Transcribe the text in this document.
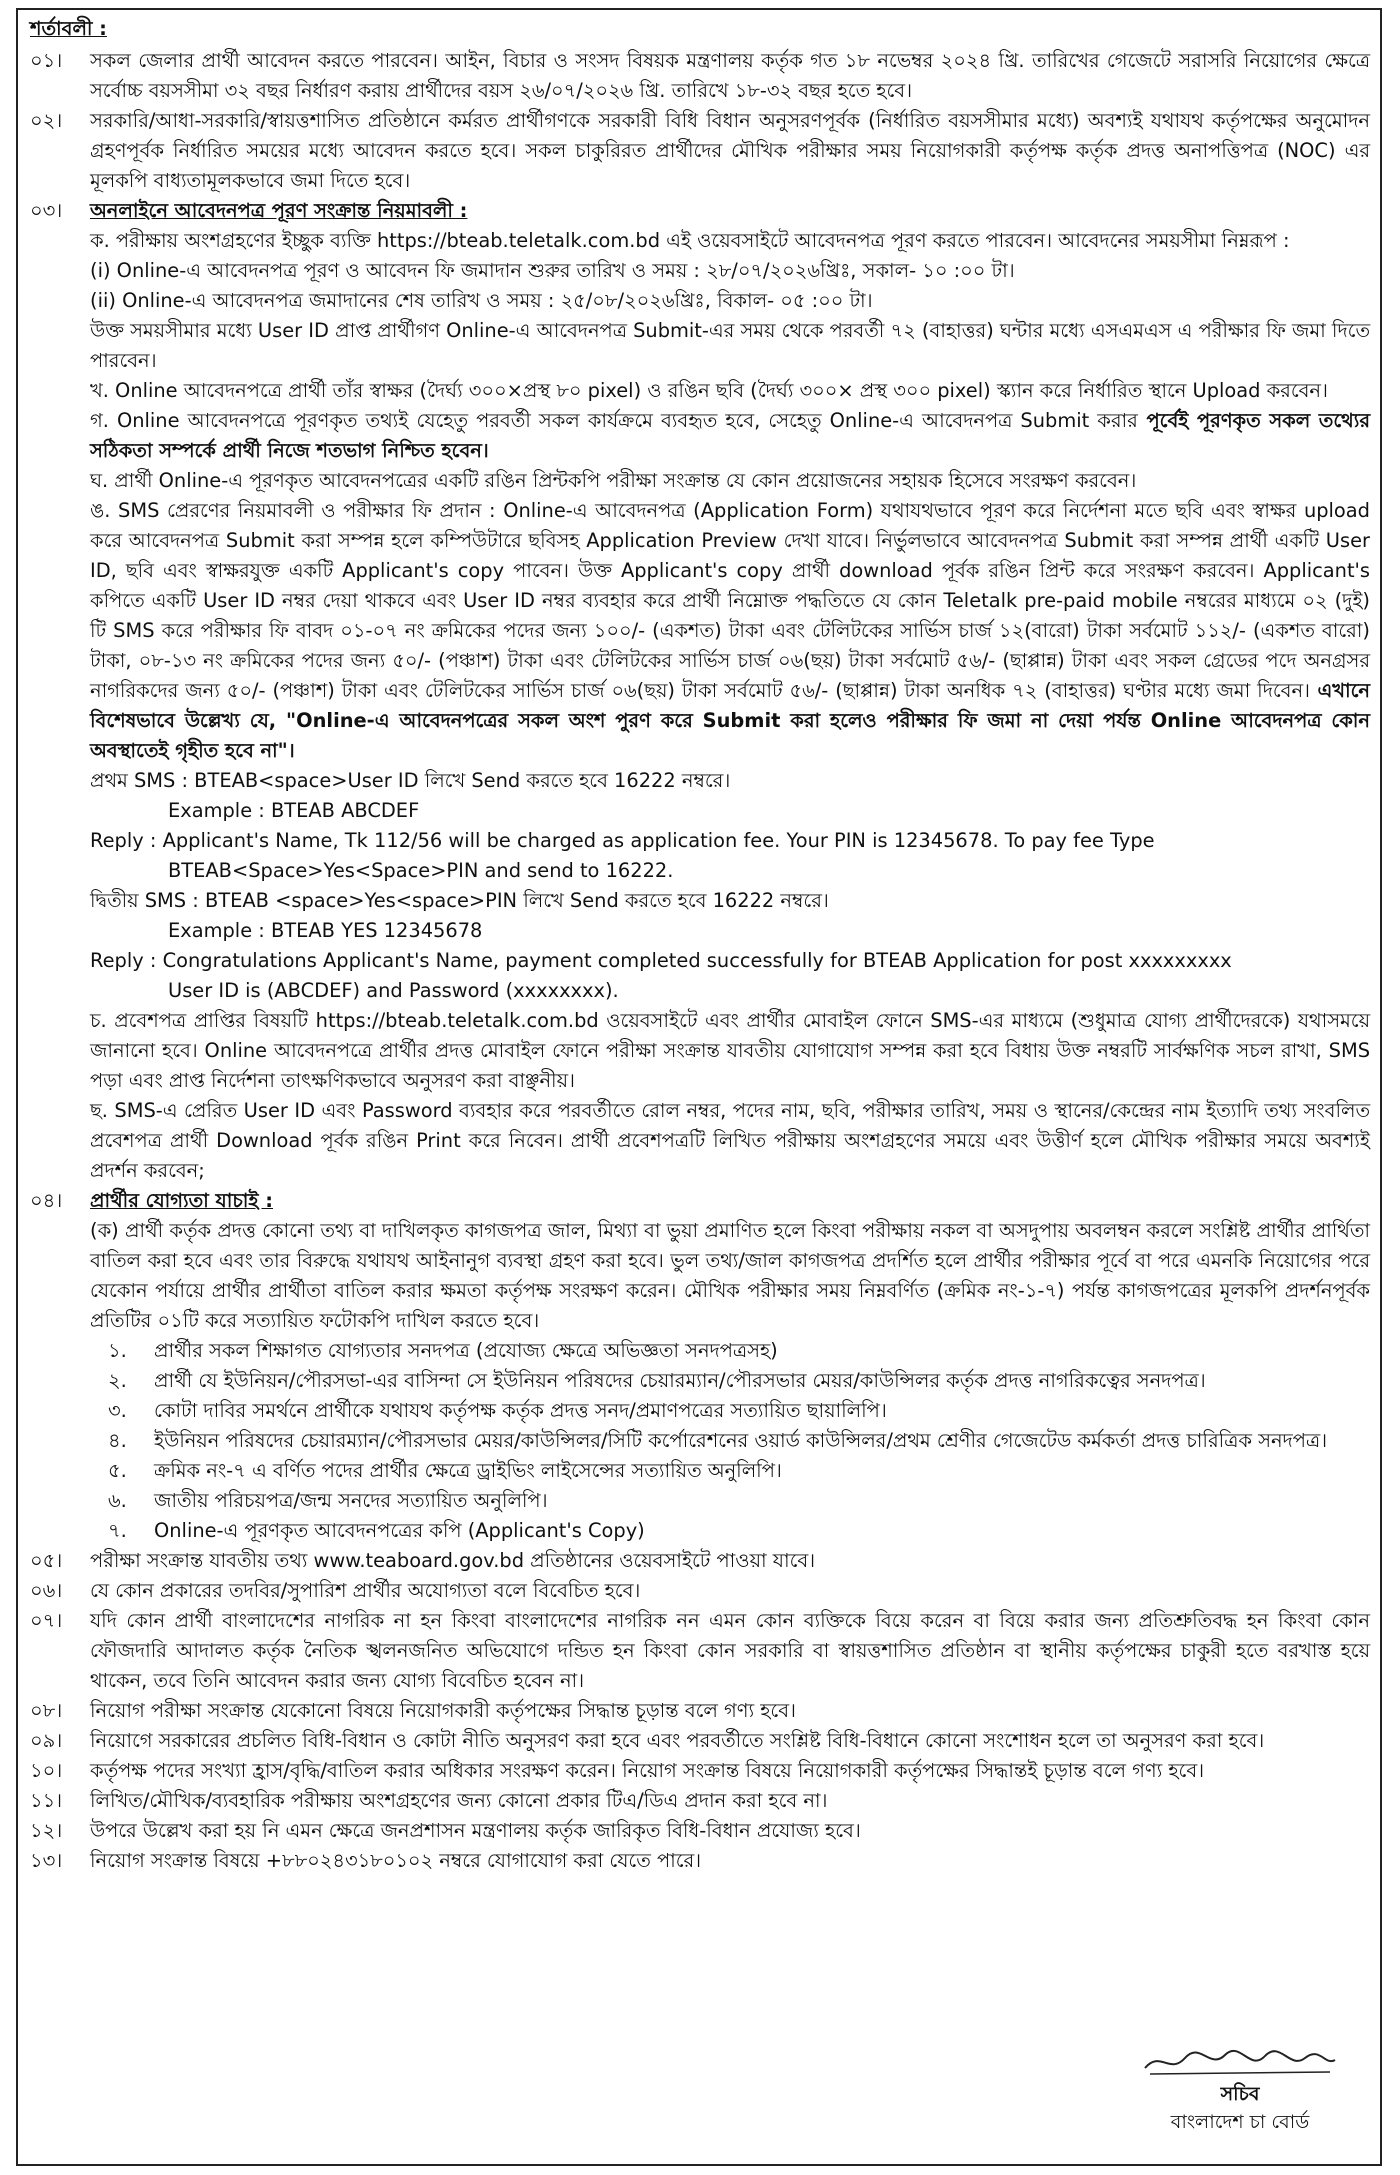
শর্তাবলী :
০১।	সকল জেলার প্রার্থী আবেদন করতে পারবেন। আইন, বিচার ও সংসদ বিষয়ক মন্ত্রণালয় কর্তৃক গত ১৮ নভেম্বর ২০২৪ খ্রি. তারিখের গেজেটে সরাসরি নিয়োগের ক্ষেত্রে সর্বোচ্চ বয়সসীমা ৩২ বছর নির্ধারণ করায় প্রার্থীদের বয়স ২৬/০৭/২০২৬ খ্রি. তারিখে ১৮-৩২ বছর হতে হবে।
০২।	সরকারি/আধা-সরকারি/স্বায়ত্তশাসিত প্রতিষ্ঠানে কর্মরত প্রার্থীগণকে সরকারী বিধি বিধান অনুসরণপূর্বক (নির্ধারিত বয়সসীমার মধ্যে) অবশ্যই যথাযথ কর্তৃপক্ষের অনুমোদন গ্রহণপূর্বক নির্ধারিত সময়ের মধ্যে আবেদন করতে হবে। সকল চাকুরিরত প্রার্থীদের মৌখিক পরীক্ষার সময় নিয়োগকারী কর্তৃপক্ষ কর্তৃক প্রদত্ত অনাপত্তিপত্র (NOC) এর মূলকপি বাধ্যতামূলকভাবে জমা দিতে হবে।
০৩।	অনলাইনে আবেদনপত্র পূরণ সংক্রান্ত নিয়মাবলী :

ক. পরীক্ষায় অংশগ্রহণের ইচ্ছুক ব্যক্তি https://bteab.teletalk.com.bd এই ওয়েবসাইটে আবেদনপত্র পূরণ করতে পারবেন। আবেদনের সময়সীমা নিম্নরূপ :

(i) Online-এ আবেদনপত্র পূরণ ও আবেদন ফি জমাদান শুরুর তারিখ ও সময় : ২৮/০৭/২০২৬খ্রিঃ, সকাল- ১০ :০০ টা।

(ii) Online-এ আবেদনপত্র জমাদানের শেষ তারিখ ও সময় : ২৫/০৮/২০২৬খ্রিঃ, বিকাল- ০৫ :০০ টা।

উক্ত সময়সীমার মধ্যে User ID প্রাপ্ত প্রার্থীগণ Online-এ আবেদনপত্র Submit-এর সময় থেকে পরবর্তী ৭২ (বাহাত্তর) ঘন্টার মধ্যে এসএমএস এ পরীক্ষার ফি জমা দিতে পারবেন।

খ. Online আবেদনপত্রে প্রার্থী তাঁর স্বাক্ষর (দৈর্ঘ্য ৩০০×প্রস্থ ৮০ pixel) ও রঙিন ছবি (দৈর্ঘ্য ৩০০× প্রস্থ ৩০০ pixel) স্ক্যান করে নির্ধারিত স্থানে Upload করবেন।

গ. Online আবেদনপত্রে পূরণকৃত তথ্যই যেহেতু পরবর্তী সকল কার্যক্রমে ব্যবহৃত হবে, সেহেতু Online-এ আবেদনপত্র Submit করার পূর্বেই পূরণকৃত সকল তথ্যের সঠিকতা সম্পর্কে প্রার্থী নিজে শতভাগ নিশ্চিত হবেন।

ঘ. প্রার্থী Online-এ পূরণকৃত আবেদনপত্রের একটি রঙিন প্রিন্টকপি পরীক্ষা সংক্রান্ত যে কোন প্রয়োজনের সহায়ক হিসেবে সংরক্ষণ করবেন।

ঙ. SMS প্রেরণের নিয়মাবলী ও পরীক্ষার ফি প্রদান : Online-এ আবেদনপত্র (Application Form) যথাযথভাবে পূরণ করে নির্দেশনা মতে ছবি এবং স্বাক্ষর upload করে আবেদনপত্র Submit করা সম্পন্ন হলে কম্পিউটারে ছবিসহ Application Preview দেখা যাবে। নির্ভুলভাবে আবেদনপত্র Submit করা সম্পন্ন প্রার্থী একটি User ID, ছবি এবং স্বাক্ষরযুক্ত একটি Applicant's copy পাবেন। উক্ত Applicant's copy প্রার্থী download পূর্বক রঙিন প্রিন্ট করে সংরক্ষণ করবেন। Applicant's কপিতে একটি User ID নম্বর দেয়া থাকবে এবং User ID নম্বর ব্যবহার করে প্রার্থী নিম্নোক্ত পদ্ধতিতে যে কোন Teletalk pre-paid mobile নম্বরের মাধ্যমে ০২ (দুই) টি SMS করে পরীক্ষার ফি বাবদ ০১-০৭ নং ক্রমিকের পদের জন্য ১০০/- (একশত) টাকা এবং টেলিটকের সার্ভিস চার্জ ১২(বারো) টাকা সর্বমোট ১১২/- (একশত বারো) টাকা, ০৮-১৩ নং ক্রমিকের পদের জন্য ৫০/- (পঞ্চাশ) টাকা এবং টেলিটকের সার্ভিস চার্জ ০৬(ছয়) টাকা সর্বমোট ৫৬/- (ছাপ্পান্ন) টাকা এবং সকল গ্রেডের পদে অনগ্রসর নাগরিকদের জন্য ৫০/- (পঞ্চাশ) টাকা এবং টেলিটকের সার্ভিস চার্জ ০৬(ছয়) টাকা সর্বমোট ৫৬/- (ছাপ্পান্ন) টাকা অনধিক ৭২ (বাহাত্তর) ঘণ্টার মধ্যে জমা দিবেন। এখানে বিশেষভাবে উল্লেখ্য যে, "Online-এ আবেদনপত্রের সকল অংশ পুরণ করে Submit করা হলেও পরীক্ষার ফি জমা না দেয়া পর্যন্ত Online আবেদনপত্র কোন অবস্থাতেই গৃহীত হবে না"।

প্রথম SMS : BTEAB<space>User ID লিখে Send করতে হবে 16222 নম্বরে।

Example : BTEAB ABCDEF

Reply : Applicant's Name, Tk 112/56 will be charged as application fee. Your PIN is 12345678. To pay fee Type

BTEAB<Space>Yes<Space>PIN and send to 16222.

দ্বিতীয় SMS : BTEAB <space>Yes<space>PIN লিখে Send করতে হবে 16222 নম্বরে।

Example : BTEAB YES 12345678

Reply : Congratulations Applicant's Name, payment completed successfully for BTEAB Application for post xxxxxxxxx

User ID is (ABCDEF) and Password (xxxxxxxx).

চ. প্রবেশপত্র প্রাপ্তির বিষয়টি https://bteab.teletalk.com.bd ওয়েবসাইটে এবং প্রার্থীর মোবাইল ফোনে SMS-এর মাধ্যমে (শুধুমাত্র যোগ্য প্রার্থীদেরকে) যথাসময়ে জানানো হবে। Online আবেদনপত্রে প্রার্থীর প্রদত্ত মোবাইল ফোনে পরীক্ষা সংক্রান্ত যাবতীয় যোগাযোগ সম্পন্ন করা হবে বিধায় উক্ত নম্বরটি সার্বক্ষণিক সচল রাখা, SMS পড়া এবং প্রাপ্ত নির্দেশনা তাৎক্ষণিকভাবে অনুসরণ করা বাঞ্ছনীয়।

ছ. SMS-এ প্রেরিত User ID এবং Password ব্যবহার করে পরবর্তীতে রোল নম্বর, পদের নাম, ছবি, পরীক্ষার তারিখ, সময় ও স্থানের/কেন্দ্রের নাম ইত্যাদি তথ্য সংবলিত প্রবেশপত্র প্রার্থী Download পূর্বক রঙিন Print করে নিবেন। প্রার্থী প্রবেশপত্রটি লিখিত পরীক্ষায় অংশগ্রহণের সময়ে এবং উত্তীর্ণ হলে মৌখিক পরীক্ষার সময়ে অবশ্যই প্রদর্শন করবেন;

০৪।	প্রার্থীর যোগ্যতা যাচাই :

(ক) প্রার্থী কর্তৃক প্রদত্ত কোনো তথ্য বা দাখিলকৃত কাগজপত্র জাল, মিথ্যা বা ভুয়া প্রমাণিত হলে কিংবা পরীক্ষায় নকল বা অসদুপায় অবলম্বন করলে সংশ্লিষ্ট প্রার্থীর প্রার্থিতা বাতিল করা হবে এবং তার বিরুদ্ধে যথাযথ আইনানুগ ব্যবস্থা গ্রহণ করা হবে। ভুল তথ্য/জাল কাগজপত্র প্রদর্শিত হলে প্রার্থীর পরীক্ষার পূর্বে বা পরে এমনকি নিয়োগের পরে যেকোন পর্যায়ে প্রার্থীর প্রার্থীতা বাতিল করার ক্ষমতা কর্তৃপক্ষ সংরক্ষণ করেন। মৌখিক পরীক্ষার সময় নিম্নবর্ণিত (ক্রমিক নং-১-৭) পর্যন্ত কাগজপত্রের মূলকপি প্রদর্শনপূর্বক প্রতিটির ০১টি করে সত্যায়িত ফটোকপি দাখিল করতে হবে।

১.	প্রার্থীর সকল শিক্ষাগত যোগ্যতার সনদপত্র (প্রযোজ্য ক্ষেত্রে অভিজ্ঞতা সনদপত্রসহ)
২.	প্রার্থী যে ইউনিয়ন/পৌরসভা-এর বাসিন্দা সে ইউনিয়ন পরিষদের চেয়ারম্যান/পৌরসভার মেয়র/কাউন্সিলর কর্তৃক প্রদত্ত নাগরিকত্বের সনদপত্র।
৩.	কোটা দাবির সমর্থনে প্রার্থীকে যথাযথ কর্তৃপক্ষ কর্তৃক প্রদত্ত সনদ/প্রমাণপত্রের সত্যায়িত ছায়ালিপি।
৪.	ইউনিয়ন পরিষদের চেয়ারম্যান/পৌরসভার মেয়র/কাউন্সিলর/সিটি কর্পোরেশনের ওয়ার্ড কাউন্সিলর/প্রথম শ্রেণীর গেজেটেড কর্মকর্তা প্রদত্ত চারিত্রিক সনদপত্র।
৫.	ক্রমিক নং-৭ এ বর্ণিত পদের প্রার্থীর ক্ষেত্রে ড্রাইভিং লাইসেন্সের সত্যায়িত অনুলিপি।
৬.	জাতীয় পরিচয়পত্র/জন্ম সনদের সত্যায়িত অনুলিপি।
৭.	Online-এ পূরণকৃত আবেদনপত্রের কপি (Applicant's Copy)
০৫।	পরীক্ষা সংক্রান্ত যাবতীয় তথ্য www.teaboard.gov.bd প্রতিষ্ঠানের ওয়েবসাইটে পাওয়া যাবে।
০৬।	যে কোন প্রকারের তদবির/সুপারিশ প্রার্থীর অযোগ্যতা বলে বিবেচিত হবে।
০৭।	যদি কোন প্রার্থী বাংলাদেশের নাগরিক না হন কিংবা বাংলাদেশের নাগরিক নন এমন কোন ব্যক্তিকে বিয়ে করেন বা বিয়ে করার জন্য প্রতিশ্রুতিবদ্ধ হন কিংবা কোন ফৌজদারি আদালত কর্তৃক নৈতিক স্খলনজনিত অভিযোগে দন্ডিত হন কিংবা কোন সরকারি বা স্বায়ত্তশাসিত প্রতিষ্ঠান বা স্থানীয় কর্তৃপক্ষের চাকুরী হতে বরখাস্ত হয়ে থাকেন, তবে তিনি আবেদন করার জন্য যোগ্য বিবেচিত হবেন না।
০৮।	নিয়োগ পরীক্ষা সংক্রান্ত যেকোনো বিষয়ে নিয়োগকারী কর্তৃপক্ষের সিদ্ধান্ত চূড়ান্ত বলে গণ্য হবে।
০৯।	নিয়োগে সরকারের প্রচলিত বিধি-বিধান ও কোটা নীতি অনুসরণ করা হবে এবং পরবর্তীতে সংশ্লিষ্ট বিধি-বিধানে কোনো সংশোধন হলে তা অনুসরণ করা হবে।
১০।	কর্তৃপক্ষ পদের সংখ্যা হ্রাস/বৃদ্ধি/বাতিল করার অধিকার সংরক্ষণ করেন। নিয়োগ সংক্রান্ত বিষয়ে নিয়োগকারী কর্তৃপক্ষের সিদ্ধান্তই চূড়ান্ত বলে গণ্য হবে।
১১।	লিখিত/মৌখিক/ব্যবহারিক পরীক্ষায় অংশগ্রহণের জন্য কোনো প্রকার টিএ/ডিএ প্রদান করা হবে না।
১২।	উপরে উল্লেখ করা হয় নি এমন ক্ষেত্রে জনপ্রশাসন মন্ত্রণালয় কর্তৃক জারিকৃত বিধি-বিধান প্রযোজ্য হবে।
১৩।	নিয়োগ সংক্রান্ত বিষয়ে +৮৮০২৪৩১৮০১০২ নম্বরে যোগাযোগ করা যেতে পারে।
সচিব
বাংলাদেশ চা বোর্ড
